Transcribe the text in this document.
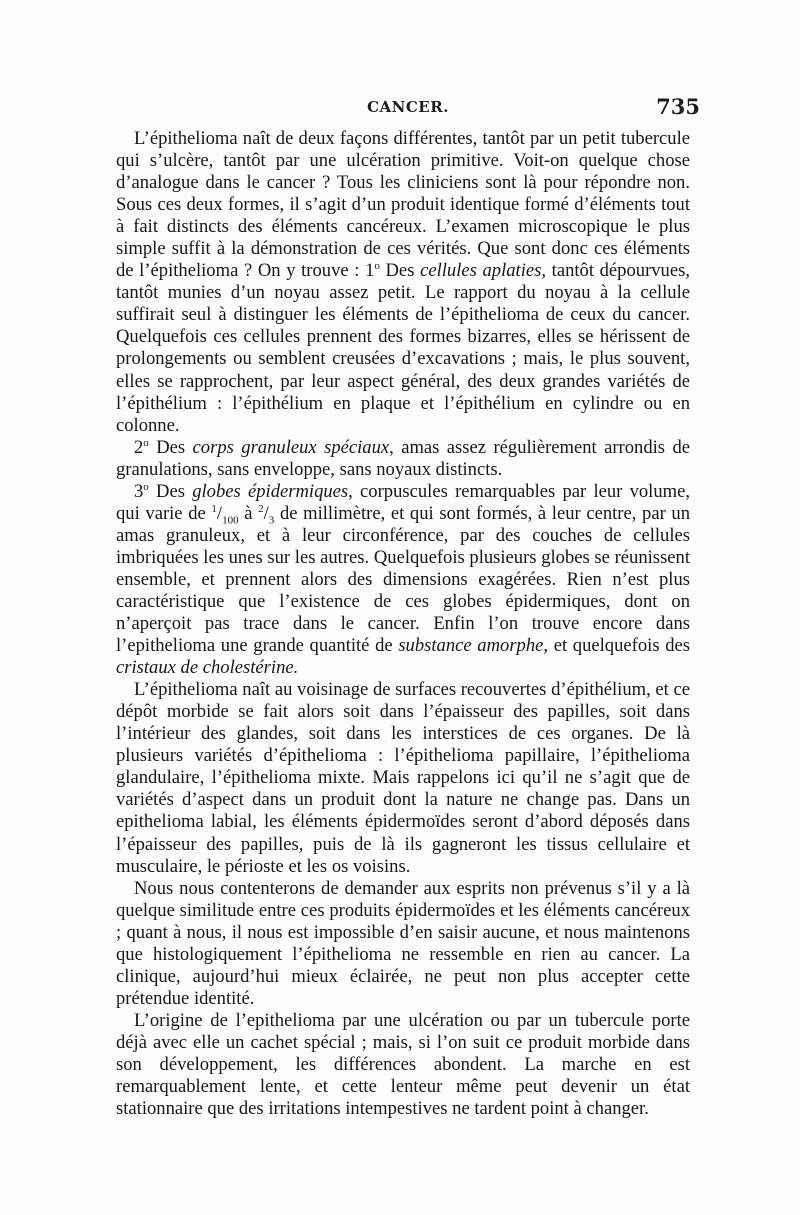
CANCER.	735

L’épithelioma naît de deux façons différentes, tantôt par un petit tubercule qui s’ulcère, tantôt par une ulcération primitive. Voit-on quelque chose d’analogue dans le cancer ? Tous les cliniciens sont là pour répondre non. Sous ces deux formes, il s’agit d’un produit identique formé d’éléments tout à fait distincts des éléments cancéreux. L’examen microscopique le plus simple suffit à la démonstration de ces vérités. Que sont donc ces éléments de l’épithelioma ? On y trouve : 1$^o$ Des cellules aplaties, tantôt dépourvues, tantôt munies d’un noyau assez petit. Le rapport du noyau à la cellule suffirait seul à distinguer les éléments de l’épithelioma de ceux du cancer. Quelquefois ces cellules prennent des formes bizarres, elles se hérissent de prolongements ou semblent creusées d’excavations ; mais, le plus souvent, elles se rapprochent, par leur aspect général, des deux grandes variétés de l’épithélium : l’épithélium en plaque et l’épithélium en cylindre ou en colonne.

2$^o$ Des corps granuleux spéciaux, amas assez régulièrement arrondis de granulations, sans enveloppe, sans noyaux distincts.

3$^o$ Des globes épidermiques, corpuscules remarquables par leur volume, qui varie de $^1/_{100}$ à $^2/_3$ de millimètre, et qui sont formés, à leur centre, par un amas granuleux, et à leur circonférence, par des couches de cellules imbriquées les unes sur les autres. Quelquefois plusieurs globes se réunissent ensemble, et prennent alors des dimensions exagérées. Rien n’est plus caractéristique que l’existence de ces globes épidermiques, dont on n’aperçoit pas trace dans le cancer. Enfin l’on trouve encore dans l’epithelioma une grande quantité de substance amorphe, et quelquefois des cristaux de cholestérine.

L’épithelioma naît au voisinage de surfaces recouvertes d’épithélium, et ce dépôt morbide se fait alors soit dans l’épaisseur des papilles, soit dans l’intérieur des glandes, soit dans les interstices de ces organes. De là plusieurs variétés d’épithelioma : l’épithelioma papillaire, l’épithelioma glandulaire, l’épithelioma mixte. Mais rappelons ici qu’il ne s’agit que de variétés d’aspect dans un produit dont la nature ne change pas. Dans un epithelioma labial, les éléments épidermoïdes seront d’abord déposés dans l’épaisseur des papilles, puis de là ils gagneront les tissus cellulaire et musculaire, le périoste et les os voisins.

Nous nous contenterons de demander aux esprits non prévenus s’il y a là quelque similitude entre ces produits épidermoïdes et les éléments cancéreux ; quant à nous, il nous est impossible d’en saisir aucune, et nous maintenons que histologiquement l’épithelioma ne ressemble en rien au cancer. La clinique, aujourd’hui mieux éclairée, ne peut non plus accepter cette prétendue identité.

L’origine de l’epithelioma par une ulcération ou par un tubercule porte déjà avec elle un cachet spécial ; mais, si l’on suit ce produit morbide dans son développement, les différences abondent. La marche en est remarquablement lente, et cette lenteur même peut devenir un état stationnaire que des irritations intempestives ne tardent point à changer.
